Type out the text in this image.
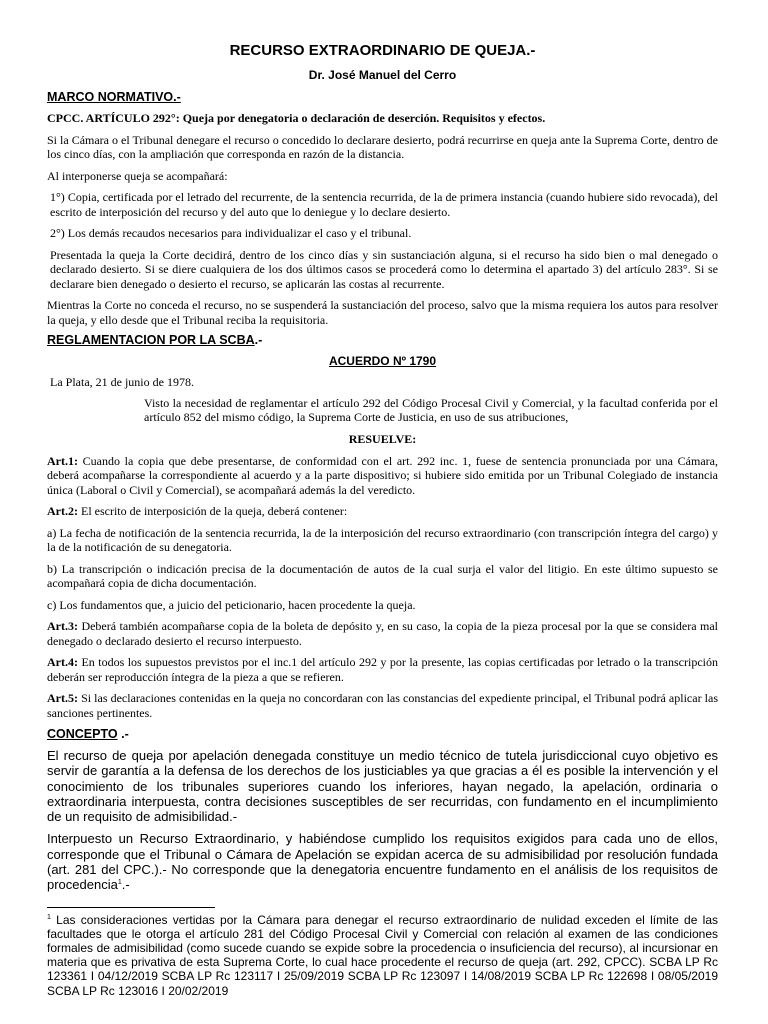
RECURSO EXTRAORDINARIO DE QUEJA.-
Dr. José Manuel del Cerro
MARCO NORMATIVO.-

CPCC. ARTÍCULO 292°: Queja por denegatoria o declaración de deserción. Requisitos y efectos.

Si la Cámara o el Tribunal denegare el recurso o concedido lo declarare desierto, podrá recurrirse en queja ante la Suprema Corte, dentro de los cinco días, con la ampliación que corresponda en razón de la distancia.

Al interponerse queja se acompañará:

1°) Copia, certificada por el letrado del recurrente, de la sentencia recurrida, de la de primera instancia (cuando hubiere sido revocada), del escrito de interposición del recurso y del auto que lo deniegue y lo declare desierto.

2°) Los demás recaudos necesarios para individualizar el caso y el tribunal.

Presentada la queja la Corte decidirá, dentro de los cinco días y sin sustanciación alguna, si el recurso ha sido bien o mal denegado o declarado desierto. Si se diere cualquiera de los dos últimos casos se procederá como lo determina el apartado 3) del artículo 283°. Si se declarare bien denegado o desierto el recurso, se aplicarán las costas al recurrente.

Mientras la Corte no conceda el recurso, no se suspenderá la sustanciación del proceso, salvo que la misma requiera los autos para resolver la queja, y ello desde que el Tribunal reciba la requisitoria.

REGLAMENTACION POR LA SCBA.-
ACUERDO Nº 1790

La Plata, 21 de junio de 1978.

Visto la necesidad de reglamentar el artículo 292 del Código Procesal Civil y Comercial, y la facultad conferida por el artículo 852 del mismo código, la Suprema Corte de Justicia, en uso de sus atribuciones,

RESUELVE:

Art.1: Cuando la copia que debe presentarse, de conformidad con el art. 292 inc. 1, fuese de sentencia pronunciada por una Cámara, deberá acompañarse la correspondiente al acuerdo y a la parte dispositivo; si hubiere sido emitida por un Tribunal Colegiado de instancia única (Laboral o Civil y Comercial), se acompañará además la del veredicto.

Art.2: El escrito de interposición de la queja, deberá contener:

a) La fecha de notificación de la sentencia recurrida, la de la interposición del recurso extraordinario (con transcripción íntegra del cargo) y la de la notificación de su denegatoria.

b) La transcripción o indicación precisa de la documentación de autos de la cual surja el valor del litigio. En este último supuesto se acompañará copia de dicha documentación.

c) Los fundamentos que, a juicio del peticionario, hacen procedente la queja.

Art.3: Deberá también acompañarse copia de la boleta de depósito y, en su caso, la copia de la pieza procesal por la que se considera mal denegado o declarado desierto el recurso interpuesto.

Art.4: En todos los supuestos previstos por el inc.1 del artículo 292 y por la presente, las copias certificadas por letrado o la transcripción deberán ser reproducción íntegra de la pieza a que se refieren.

Art.5: Si las declaraciones contenidas en la queja no concordaran con las constancias del expediente principal, el Tribunal podrá aplicar las sanciones pertinentes.

CONCEPTO .-

El recurso de queja por apelación denegada constituye un medio técnico de tutela jurisdiccional cuyo objetivo es servir de garantía a la defensa de los derechos de los justiciables ya que gracias a él es posible la intervención y el conocimiento de los tribunales superiores cuando los inferiores, hayan negado, la apelación, ordinaria o extraordinaria interpuesta, contra decisiones susceptibles de ser recurridas, con fundamento en el incumplimiento de un requisito de admisibilidad.-

Interpuesto un Recurso Extraordinario, y habiéndose cumplido los requisitos exigidos para cada uno de ellos, corresponde que el Tribunal o Cámara de Apelación se expidan acerca de su admisibilidad por resolución fundada (art. 281 del CPC.).- No corresponde que la denegatoria encuentre fundamento en el análisis de los requisitos de procedencia$^1$.-

$^1$ Las consideraciones vertidas por la Cámara para denegar el recurso extraordinario de nulidad exceden el límite de las facultades que le otorga el artículo 281 del Código Procesal Civil y Comercial con relación al examen de las condiciones formales de admisibilidad (como sucede cuando se expide sobre la procedencia o insuficiencia del recurso), al incursionar en materia que es privativa de esta Suprema Corte, lo cual hace procedente el recurso de queja (art. 292, CPCC). SCBA LP Rc 123361 I 04/12/2019 SCBA LP Rc 123117 I 25/09/2019 SCBA LP Rc 123097 I 14/08/2019 SCBA LP Rc 122698 I 08/05/2019 SCBA LP Rc 123016 I 20/02/2019
